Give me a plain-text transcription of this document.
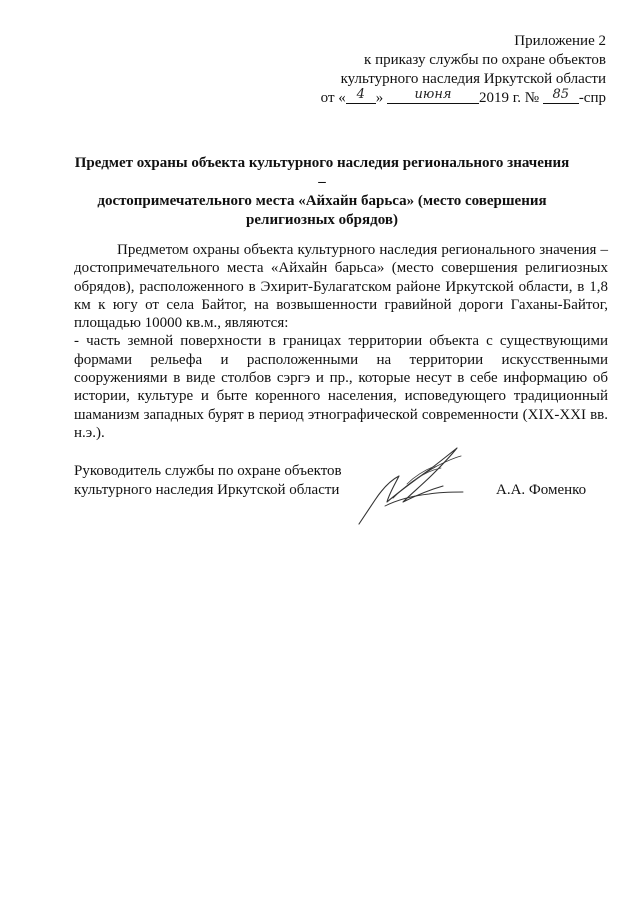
Приложение 2
к приказу службы по охране объектов
культурного наследия Иркутской области
от « 4 » июня 2019 г. № 85 -спр
Предмет охраны объекта культурного наследия регионального значения –
достопримечательного места «Айхайн барьса» (место совершения
религиозных обрядов)

Предметом охраны объекта культурного наследия регионального значения – достопримечательного места «Айхайн барьса» (место совершения религиозных обрядов), расположенного в Эхирит-Булагатском районе Иркутской области, в 1,8 км к югу от села Байтог, на возвышенности гравийной дороги Гаханы-Байтог, площадью 10000 кв.м., являются:

- часть земной поверхности в границах территории объекта с существующими формами рельефа и расположенными на территории искусственными сооружениями в виде столбов сэргэ и пр., которые несут в себе информацию об истории, культуре и быте коренного населения, исповедующего традиционный шаманизм западных бурят в период этнографической современности (XIX-XXI вв. н.э.).

Руководитель службы по охране объектов
культурного наследия Иркутской области	А.А. Фоменко
